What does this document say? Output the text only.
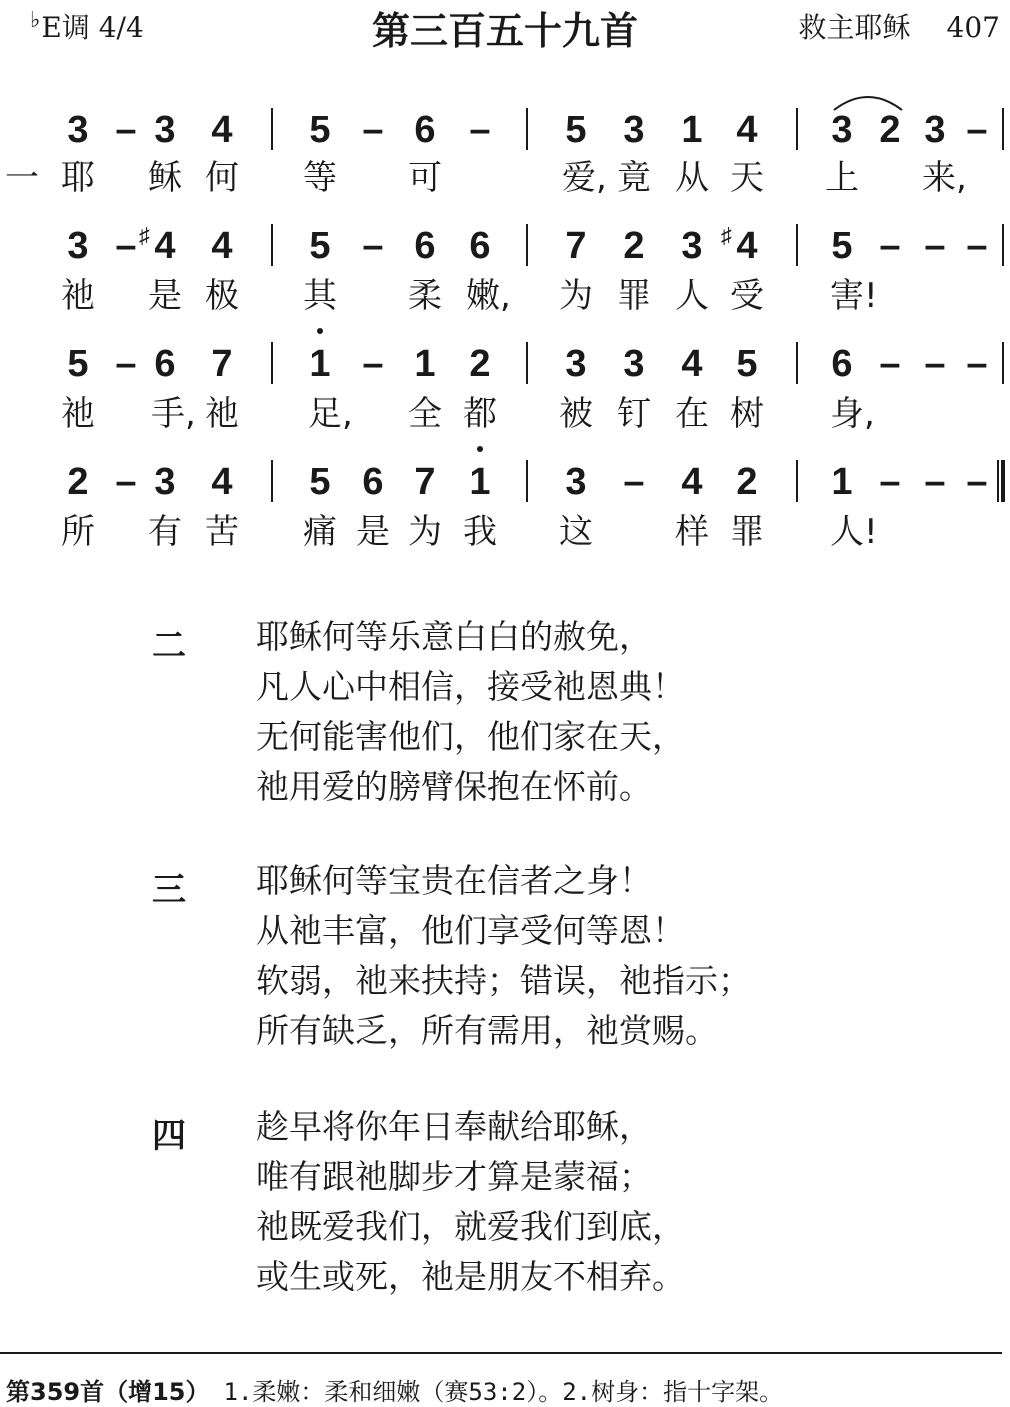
♭E调 4/4	第三百五十九首	救主耶稣 407
3 – 3 4 5 – 6 – 5 3 1 4 3 2 3 –
一 耶 稣 何 等 可	爱, 竟 从 天 上 来,
3 – ♯ 4 4 5 – 6 6 7 2 3 ♯ 4 5 – – –
祂 是 极 其 柔 嫩, 为 罪 人 受 害!
5 – 6 7 1 – 1 2 3 3 4 5 6 – – –
祂 手, 祂 足, 全 都 被 钉 在 树 身,
2 – 3 4 5 6 7 1 3 – 4 2 1 – – –
所 有 苦 痛 是 为 我 这 样 罪 人!
二 耶稣何等乐意白白的赦免，
凡人心中相信，接受祂恩典！
无何能害他们，他们家在天，
祂用爱的膀臂保抱在怀前。
三 耶稣何等宝贵在信者之身！
从祂丰富，他们享受何等恩！
软弱，祂来扶持；错误，祂指示；
所有缺乏，所有需用，祂赏赐。
四 趁早将你年日奉献给耶稣，
唯有跟祂脚步才算是蒙福；
祂既爱我们，就爱我们到底，
或生或死，祂是朋友不相弃。
第359首（增15） 1.柔嫩：柔和细嫩（赛53:2）。2.树身：指十字架。
